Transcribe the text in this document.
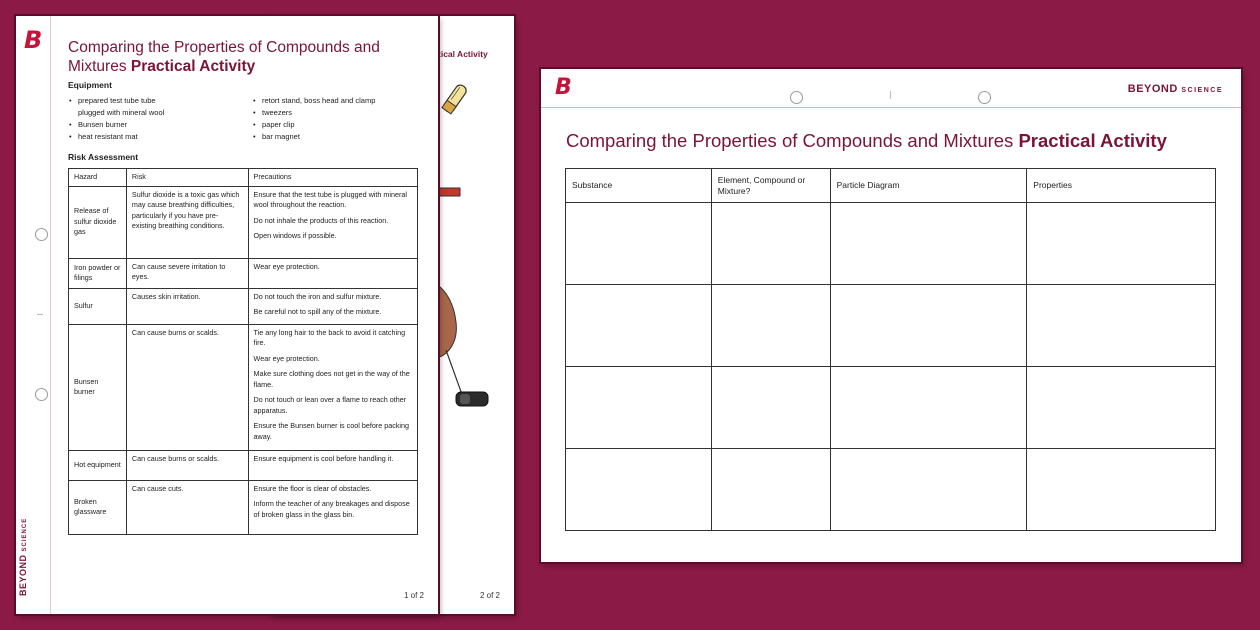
tical Activity
2 of 2
BEYOND SCIENCE
B Comparing the Properties of Compounds and Mixtures Practical Activity
Equipment
• prepared test tube tube
plugged with mineral wool
• Bunsen burner
• heat resistant mat
• retort stand, boss head and clamp
• tweezers
• paper clip
• bar magnet
Risk Assessment
Hazard	Risk	Precautions
Release of sulfur dioxide gas	Sulfur dioxide is a toxic gas which may cause breathing difficulties, particularly if you have pre-existing breathing conditions.	Ensure that the test tube is plugged with mineral wool throughout the reaction.
Do not inhale the products of this reaction.
Open windows if possible.

Iron powder or filings	Can cause severe irritation to eyes.	Wear eye protection.

Sulfur	Causes skin irritation.	Do not touch the iron and sulfur mixture.
Be careful not to spill any of the mixture.

Bunsen burner	Can cause burns or scalds.	Tie any long hair to the back to avoid it catching fire.
Wear eye protection.
Make sure clothing does not get in the way of the flame.
Do not touch or lean over a flame to reach other apparatus.
Ensure the Bunsen burner is cool before packing away.

Hot equipment	Can cause burns or scalds.	Ensure equipment is cool before handling it.

Broken glassware	Can cause cuts.	Ensure the floor is clear of obstacles.
Inform the teacher of any breakages and dispose of broken glass in the glass bin.
1 of 2
B	BEYOND SCIENCE
Comparing the Properties of Compounds and Mixtures Practical Activity
Substance	Element, Compound or Mixture?	Particle Diagram	Properties
